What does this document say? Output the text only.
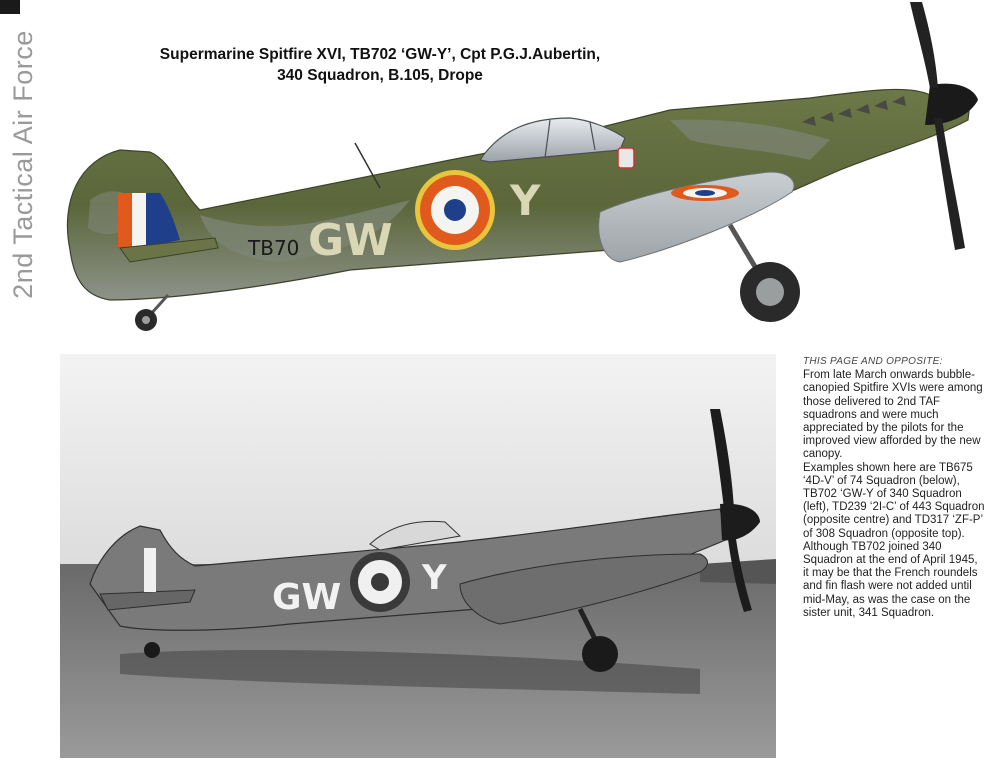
2nd Tactical Air Force	Supermarine Spitfire XVI, TB702 ‘GW-Y’, Cpt P.G.J.Aubertin,
340 Squadron, B.105, Drope
TB70 GW
Y
GW Y
THIS PAGE AND OPPOSITE:

From late March onwards bubble-canopied Spitfire XVIs were among those delivered to 2nd TAF squadrons and were much appreciated by the pilots for the improved view afforded by the new canopy.

Examples shown here are TB675 ‘4D-V’ of 74 Squadron (below), TB702 ‘GW-Y of 340 Squadron (left), TD239 ‘2I-C’ of 443 Squadron (opposite centre) and TD317 ‘ZF-P’ of 308 Squadron (opposite top).

Although TB702 joined 340 Squadron at the end of April 1945, it may be that the French roundels and fin flash were not added until mid-May, as was the case on the sister unit, 341 Squadron.
